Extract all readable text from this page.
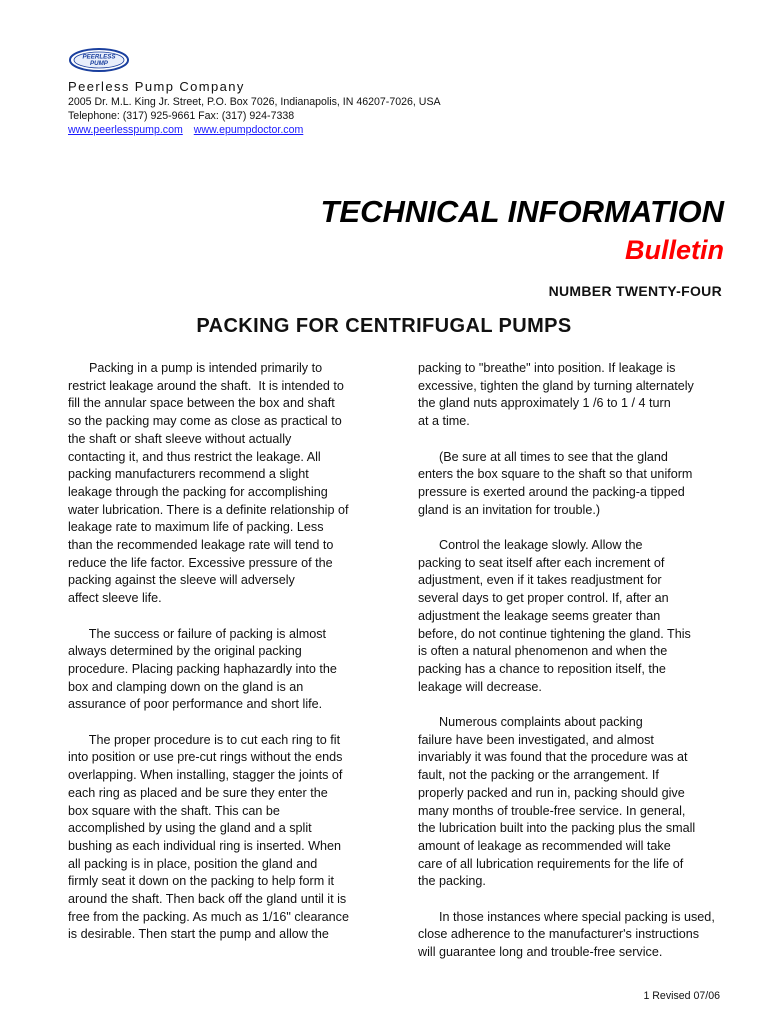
PEERLESS
PUMP
Peerless Pump Company
2005 Dr. M.L. King Jr. Street, P.O. Box 7026, Indianapolis, IN 46207-7026, USA
Telephone: (317) 925-9661 Fax: (317) 924-7338
www.peerlesspump.com www.epumpdoctor.com
TECHNICAL INFORMATION
Bulletin
NUMBER TWENTY-FOUR
PACKING FOR CENTRIFUGAL PUMPS
Packing in a pump is intended primarily to
restrict leakage around the shaft.  It is intended to
fill the annular space between the box and shaft
so the packing may come as close as practical to
the shaft or shaft sleeve without actually
contacting it, and thus restrict the leakage. All
packing manufacturers recommend a slight
leakage through the packing for accomplishing
water lubrication. There is a definite relationship of
leakage rate to maximum life of packing. Less
than the recommended leakage rate will tend to
reduce the life factor. Excessive pressure of the
packing against the sleeve will adversely
affect sleeve life.
The success or failure of packing is almost
always determined by the original packing
procedure. Placing packing haphazardly into the
box and clamping down on the gland is an
assurance of poor performance and short life.
The proper procedure is to cut each ring to fit
into position or use pre-cut rings without the ends
overlapping. When installing, stagger the joints of
each ring as placed and be sure they enter the
box square with the shaft. This can be
accomplished by using the gland and a split
bushing as each individual ring is inserted. When
all packing is in place, position the gland and
firmly seat it down on the packing to help form it
around the shaft. Then back off the gland until it is
free from the packing. As much as 1/16" clearance
is desirable. Then start the pump and allow the
packing to "breathe" into position. If leakage is
excessive, tighten the gland by turning alternately
the gland nuts approximately 1 /6 to 1 / 4 turn
at a time.
(Be sure at all times to see that the gland
enters the box square to the shaft so that uniform
pressure is exerted around the packing-a tipped
gland is an invitation for trouble.)
Control the leakage slowly. Allow the
packing to seat itself after each increment of
adjustment, even if it takes readjustment for
several days to get proper control. If, after an
adjustment the leakage seems greater than
before, do not continue tightening the gland. This
is often a natural phenomenon and when the
packing has a chance to reposition itself, the
leakage will decrease.
Numerous complaints about packing
failure have been investigated, and almost
invariably it was found that the procedure was at
fault, not the packing or the arrangement. If
properly packed and run in, packing should give
many months of trouble-free service. In general,
the lubrication built into the packing plus the small
amount of leakage as recommended will take
care of all lubrication requirements for the life of
the packing.
In those instances where special packing is used,
close adherence to the manufacturer's instructions
will guarantee long and trouble-free service.
1 Revised 07/06
